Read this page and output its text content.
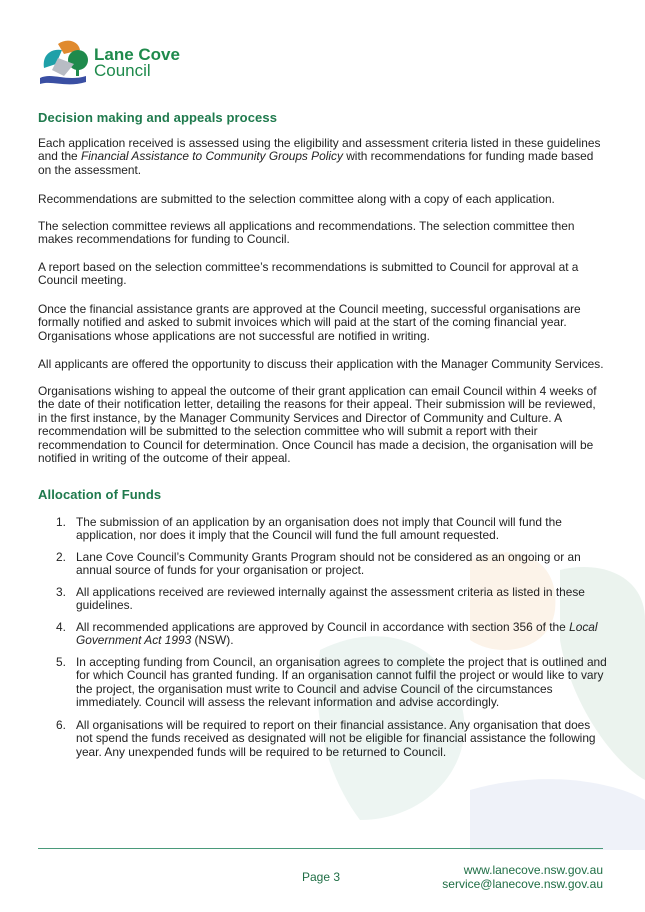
Lane Cove
Council
Decision making and appeals process

Each application received is assessed using the eligibility and assessment criteria listed in these guidelines and the Financial Assistance to Community Groups Policy with recommendations for funding made based on the assessment.

Recommendations are submitted to the selection committee along with a copy of each application.

The selection committee reviews all applications and recommendations. The selection committee then makes recommendations for funding to Council.

A report based on the selection committee’s recommendations is submitted to Council for approval at a Council meeting.

Once the financial assistance grants are approved at the Council meeting, successful organisations are formally notified and asked to submit invoices which will paid at the start of the coming financial year. Organisations whose applications are not successful are notified in writing.

All applicants are offered the opportunity to discuss their application with the Manager Community Services.

Organisations wishing to appeal the outcome of their grant application can email Council within 4 weeks of the date of their notification letter, detailing the reasons for their appeal. Their submission will be reviewed, in the first instance, by the Manager Community Services and Director of Community and Culture. A recommendation will be submitted to the selection committee who will submit a report with their recommendation to Council for determination. Once Council has made a decision, the organisation will be notified in writing of the outcome of their appeal.

Allocation of Funds
1. The submission of an application by an organisation does not imply that Council will fund the application, nor does it imply that the Council will fund the full amount requested.
2. Lane Cove Council’s Community Grants Program should not be considered as an ongoing or an annual source of funds for your organisation or project.
3. All applications received are reviewed internally against the assessment criteria as listed in these guidelines.
4. All recommended applications are approved by Council in accordance with section 356 of the Local Government Act 1993 (NSW).
5. In accepting funding from Council, an organisation agrees to complete the project that is outlined and for which Council has granted funding. If an organisation cannot fulfil the project or would like to vary the project, the organisation must write to Council and advise Council of the circumstances immediately. Council will assess the relevant information and advise accordingly.
6. All organisations will be required to report on their financial assistance. Any organisation that does not spend the funds received as designated will not be eligible for financial assistance the following year. Any unexpended funds will be required to be returned to Council.
Page 3	www.lanecove.nsw.gov.au
service@lanecove.nsw.gov.au
